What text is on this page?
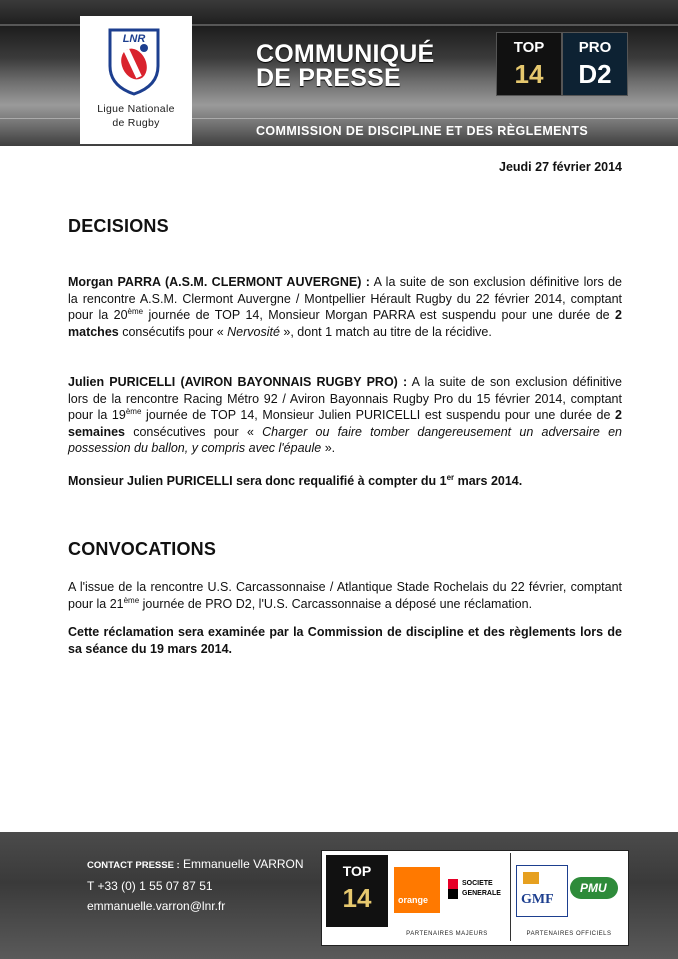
LNR
Ligue Nationale
de Rugby
COMMUNIQUÉ
DE PRESSE
COMMISSION DE DISCIPLINE ET DES RÈGLEMENTS
TOP
14
PRO
D2
Jeudi 27 février 2014
DECISIONS
Morgan PARRA (A.S.M. CLERMONT AUVERGNE) : A la suite de son exclusion définitive lors de la rencontre A.S.M. Clermont Auvergne / Montpellier Hérault Rugby du 22 février 2014, comptant pour la 20ème journée de TOP 14, Monsieur Morgan PARRA est suspendu pour une durée de 2 matches consécutifs pour « Nervosité », dont 1 match au titre de la récidive.
Julien PURICELLI (AVIRON BAYONNAIS RUGBY PRO) : A la suite de son exclusion définitive lors de la rencontre Racing Métro 92 / Aviron Bayonnais Rugby Pro du 15 février 2014, comptant pour la 19ème journée de TOP 14, Monsieur Julien PURICELLI est suspendu pour une durée de 2 semaines consécutives pour « Charger ou faire tomber dangereusement un adversaire en possession du ballon, y compris avec l'épaule ».
Monsieur Julien PURICELLI sera donc requalifié à compter du 1er mars 2014.
CONVOCATIONS
A l'issue de la rencontre U.S. Carcassonnaise / Atlantique Stade Rochelais du 22 février, comptant pour la 21ème journée de PRO D2, l'U.S. Carcassonnaise a déposé une réclamation.
Cette réclamation sera examinée par la Commission de discipline et des règlements lors de sa séance du 19 mars 2014.
CONTACT PRESSE : Emmanuelle VARRON
T +33 (0) 1 55 07 87 51
emmanuelle.varron@lnr.fr
TOP
14	orange
SOCIETE
GENERALE GMF
PMU
PARTENAIRES MAJEURS	PARTENAIRES OFFICIELS
